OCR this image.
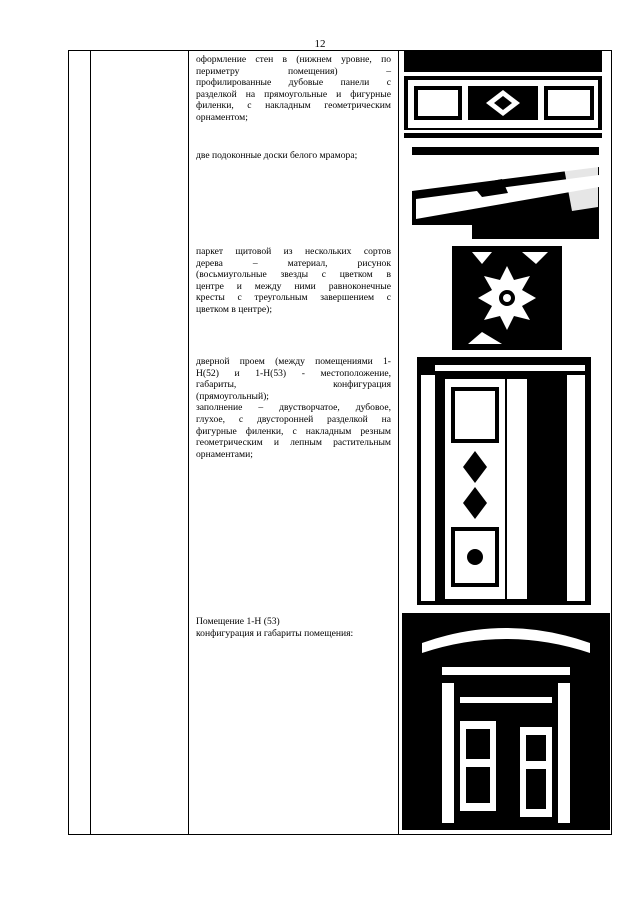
12
оформление стен в (нижнем уровне, по
периметру помещения) –
профилированные дубовые панели с
разделкой на прямоугольные и фигурные
филенки, с накладным геометрическим
орнаментом;
две подоконные доски белого мрамора;
паркет щитовой из нескольких сортов
дерева – материал, рисунок
(восьмиугольные звезды с цветком в
центре и между ними равноконечные
кресты с треугольным завершением с
цветком в центре);
дверной проем (между помещениями 1-
Н(52) и 1-Н(53) - местоположение,
габариты, конфигурация
(прямоугольный);
заполнение – двустворчатое, дубовое,
глухое, с двусторонней разделкой на
фигурные филенки, с накладным резным
геометрическим и лепным растительным
орнаментами;
Помещение 1-Н (53)
конфигурация и габариты помещения:
